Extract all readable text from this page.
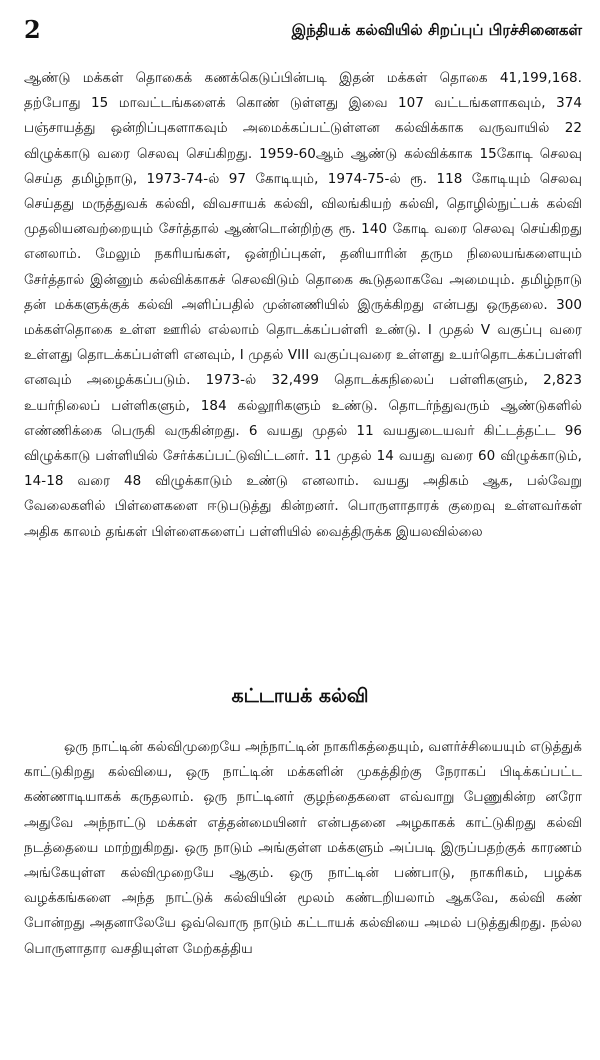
2	இந்தியக் கல்வியில் சிறப்புப் பிரச்சினைகள்

ஆண்டு மக்கள் தொகைக் கணக்கெடுப்பின்படி இதன் மக்கள் தொகை 41,199,168. தற்போது 15 மாவட்டங்களைக் கொண் டுள்ளது இவை 107 வட்டங்களாகவும், 374 பஞ்சாயத்து ஒன்றிப்புகளாகவும் அமைக்கப்பட்டுள்ளன கல்விக்காக வருவாயில் 22 விழுக்காடு வரை செலவு செய்கிறது. 1959-60ஆம் ஆண்டு கல்விக்காக 15கோடி செலவு செய்த தமிழ்நாடு, 1973-74-ல் 97 கோடியும், 1974-75-ல் ரூ. 118 கோடியும் செலவு செய்தது மருத்துவக் கல்வி, விவசாயக் கல்வி, விலங்கியற் கல்வி, தொழில்நுட்பக் கல்வி முதலியனவற்றையும் சேர்த்தால் ஆண்டொன்றிற்கு ரூ. 140 கோடி வரை செலவு செய்கிறது எனலாம். மேலும் நகரியங்கள், ஒன்றிப்புகள், தனியாரின் தரும நிலையங்களையும் சேர்த்தால் இன்னும் கல்விக்காகச் செலவிடும் தொகை கூடுதலாகவே அமையும். தமிழ்நாடு தன் மக்களுக்குக் கல்வி அளிப்பதில் முன்னணியில் இருக்கிறது என்பது ஒருதலை. 300 மக்கள்தொகை உள்ள ஊரில் எல்லாம் தொடக்கப்பள்ளி உண்டு. I முதல் V வகுப்பு வரை உள்ளது தொடக்கப்பள்ளி எனவும், I முதல் VIII வகுப்புவரை உள்ளது உயர்தொடக்கப்பள்ளி எனவும் அழைக்கப்படும். 1973-ல் 32,499 தொடக்கநிலைப் பள்ளிகளும், 2,823 உயர்நிலைப் பள்ளிகளும், 184 கல்லூரிகளும் உண்டு. தொடர்ந்துவரும் ஆண்டுகளில் எண்ணிக்கை பெருகி வருகின்றது. 6 வயது முதல் 11 வயதுடையவர் கிட்டத்தட்ட 96 விழுக்காடு பள்ளியில் சேர்க்கப்பட்டுவிட்டனர். 11 முதல் 14 வயது வரை 60 விழுக்காடும், 14-18 வரை 48 விழுக்காடும் உண்டு எனலாம். வயது அதிகம் ஆக, பல்வேறு வேலைகளில் பிள்ளைகளை ஈடுபடுத்து கின்றனர். பொருளாதாரக் குறைவு உள்ளவர்கள் அதிக காலம் தங்கள் பிள்ளைகளைப் பள்ளியில் வைத்திருக்க இயலவில்லை

கட்டாயக் கல்வி

ஒரு நாட்டின் கல்விமுறையே அந்நாட்டின் நாகரிகத்தையும், வளர்ச்சியையும் எடுத்துக் காட்டுகிறது கல்வியை, ஒரு நாட்டின் மக்களின் முகத்திற்கு நேராகப் பிடிக்கப்பட்ட கண்ணாடியாகக் கருதலாம். ஒரு நாட்டினர் குழந்தைகளை எவ்வாறு பேணுகின்ற னரோ அதுவே அந்நாட்டு மக்கள் எத்தன்மையினர் என்பதனை அழகாகக் காட்டுகிறது கல்வி நடத்தையை மாற்றுகிறது. ஒரு நாடும் அங்குள்ள மக்களும் அப்படி இருப்பதற்குக் காரணம் அங்கேயுள்ள கல்விமுறையே ஆகும். ஒரு நாட்டின் பண்பாடு, நாகரிகம், பழக்க வழக்கங்களை அந்த நாட்டுக் கல்வியின் மூலம் கண்டறியலாம் ஆகவே, கல்வி கண் போன்றது அதனாலேயே ஒவ்வொரு நாடும் கட்டாயக் கல்வியை அமல் படுத்துகிறது. நல்ல பொருளாதார வசதியுள்ள மேற்கத்திய
